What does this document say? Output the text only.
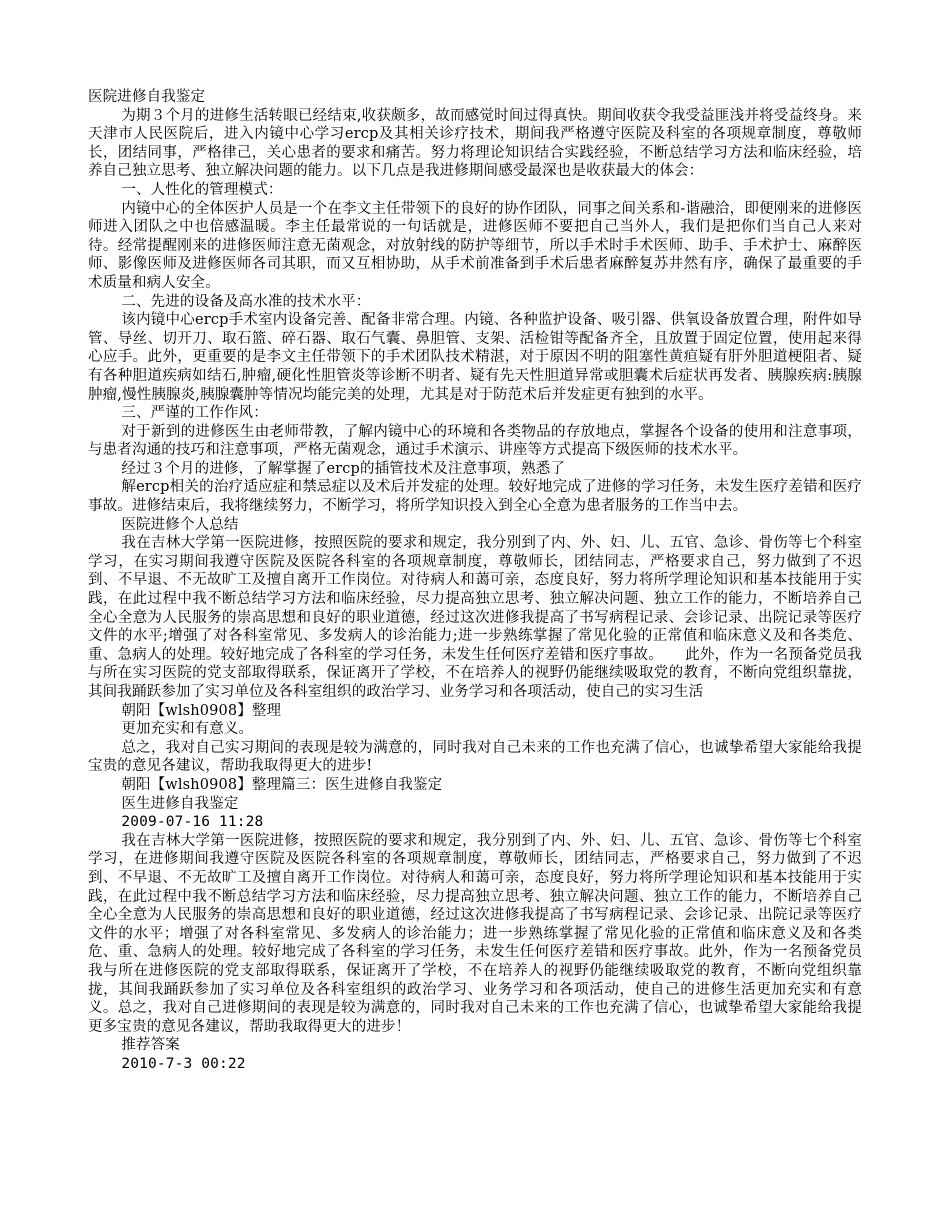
医院进修自我鉴定

为期３个月的进修生活转眼已经结束,收获颇多，故而感觉时间过得真快。期间收获令我受益匪浅并将受益终身。来天津市人民医院后，进入内镜中心学习ercp及其相关诊疗技术，期间我严格遵守医院及科室的各项规章制度，尊敬师长，团结同事，严格律己，关心患者的要求和痛苦。努力将理论知识结合实践经验，不断总结学习方法和临床经验，培养自己独立思考、独立解决问题的能力。以下几点是我进修期间感受最深也是收获最大的体会：

一、人性化的管理模式：

内镜中心的全体医护人员是一个在李文主任带领下的良好的协作团队，同事之间关系和-谐融洽，即便刚来的进修医师进入团队之中也倍感温暖。李主任最常说的一句话就是，进修医师不要把自己当外人，我们是把你们当自己人来对待。经常提醒刚来的进修医师注意无菌观念，对放射线的防护等细节，所以手术时手术医师、助手、手术护士、麻醉医师、影像医师及进修医师各司其职，而又互相协助，从手术前准备到手术后患者麻醉复苏井然有序，确保了最重要的手术质量和病人安全。

二、先进的设备及高水准的技术水平：

该内镜中心ercp手术室内设备完善、配备非常合理。内镜、各种监护设备、吸引器、供氧设备放置合理，附件如导管、导丝、切开刀、取石篮、碎石器、取石气囊、鼻胆管、支架、活检钳等配备齐全，且放置于固定位置，使用起来得心应手。此外，更重要的是李文主任带领下的手术团队技术精湛，对于原因不明的阻塞性黄疸疑有肝外胆道梗阻者、疑有各种胆道疾病如结石,肿瘤,硬化性胆管炎等诊断不明者、疑有先天性胆道异常或胆囊术后症状再发者、胰腺疾病:胰腺肿瘤,慢性胰腺炎,胰腺囊肿等情况均能完美的处理，尤其是对于防范术后并发症更有独到的水平。

三、严谨的工作作风：

对于新到的进修医生由老师带教，了解内镜中心的环境和各类物品的存放地点，掌握各个设备的使用和注意事项，与患者沟通的技巧和注意事项，严格无菌观念，通过手术演示、讲座等方式提高下级医师的技术水平。

经过３个月的进修，了解掌握了ercp的插管技术及注意事项，熟悉了

解ercp相关的治疗适应症和禁忌症以及术后并发症的处理。较好地完成了进修的学习任务，未发生医疗差错和医疗事故。进修结束后，我将继续努力，不断学习，将所学知识投入到全心全意为患者服务的工作当中去。

医院进修个人总结

我在吉林大学第一医院进修，按照医院的要求和规定，我分别到了内、外、妇、儿、五官、急诊、骨伤等七个科室学习，在实习期间我遵守医院及医院各科室的各项规章制度，尊敬师长，团结同志，严格要求自己，努力做到了不迟到、不早退、不无故旷工及擅自离开工作岗位。对待病人和蔼可亲，态度良好，努力将所学理论知识和基本技能用于实践，在此过程中我不断总结学习方法和临床经验，尽力提高独立思考、独立解决问题、独立工作的能力，不断培养自己全心全意为人民服务的崇高思想和良好的职业道德，经过这次进修我提高了书写病程记录、会诊记录、出院记录等医疗文件的水平;增强了对各科室常见、多发病人的诊治能力;进一步熟练掌握了常见化验的正常值和临床意义及和各类危、重、急病人的处理。较好地完成了各科室的学习任务，未发生任何医疗差错和医疗事故。　　此外，作为一名预备党员我与所在实习医院的党支部取得联系，保证离开了学校，不在培养人的视野仍能继续吸取党的教育，不断向党组织靠拢，其间我踊跃参加了实习单位及各科室组织的政治学习、业务学习和各项活动，使自己的实习生活

朝阳【wlsh0908】整理

更加充实和有意义。

总之，我对自己实习期间的表现是较为满意的，同时我对自己未来的工作也充满了信心，也诚挚希望大家能给我提宝贵的意见各建议，帮助我取得更大的进步!

朝阳【wlsh0908】整理篇三：医生进修自我鉴定

医生进修自我鉴定

2009-07-16 11:28

我在吉林大学第一医院进修，按照医院的要求和规定，我分别到了内、外、妇、儿、五官、急诊、骨伤等七个科室学习，在进修期间我遵守医院及医院各科室的各项规章制度，尊敬师长，团结同志，严格要求自己，努力做到了不迟到、不早退、不无故旷工及擅自离开工作岗位。对待病人和蔼可亲，态度良好，努力将所学理论知识和基本技能用于实践，在此过程中我不断总结学习方法和临床经验，尽力提高独立思考、独立解决问题、独立工作的能力，不断培养自己全心全意为人民服务的崇高思想和良好的职业道德，经过这次进修我提高了书写病程记录、会诊记录、出院记录等医疗文件的水平；增强了对各科室常见、多发病人的诊治能力；进一步熟练掌握了常见化验的正常值和临床意义及和各类危、重、急病人的处理。较好地完成了各科室的学习任务，未发生任何医疗差错和医疗事故。此外，作为一名预备党员我与所在进修医院的党支部取得联系，保证离开了学校，不在培养人的视野仍能继续吸取党的教育，不断向党组织靠拢，其间我踊跃参加了实习单位及各科室组织的政治学习、业务学习和各项活动，使自己的进修生活更加充实和有意义。总之，我对自己进修期间的表现是较为满意的，同时我对自己未来的工作也充满了信心，也诚挚希望大家能给我提更多宝贵的意见各建议，帮助我取得更大的进步！

推荐答案

2010-7-3 00:22
